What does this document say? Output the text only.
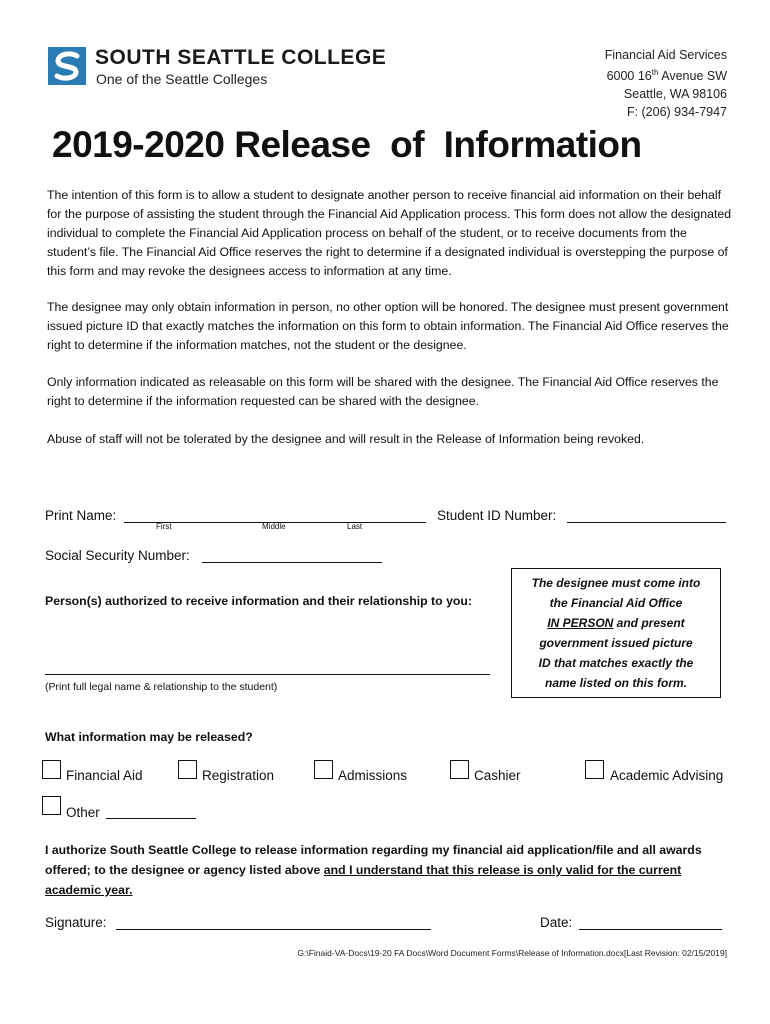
SOUTH SEATTLE COLLEGE
One of the Seattle Colleges
Financial Aid Services
6000 16th Avenue SW
Seattle, WA 98106
F: (206) 934-7947
2019-2020 Release  of  Information
The intention of this form is to allow a student to designate another person to receive financial aid information on their behalf for the purpose of assisting the student through the Financial Aid Application process. This form does not allow the designated individual to complete the Financial Aid Application process on behalf of the student, or to receive documents from the student’s file. The Financial Aid Office reserves the right to determine if a designated individual is overstepping the purpose of this form and may revoke the designees access to information at any time.
The designee may only obtain information in person, no other option will be honored. The designee must present government issued picture ID that exactly matches the information on this form to obtain information. The Financial Aid Office reserves the right to determine if the information matches, not the student or the designee.
Only information indicated as releasable on this form will be shared with the designee. The Financial Aid Office reserves the right to determine if the information requested can be shared with the designee.
Abuse of staff will not be tolerated by the designee and will result in the Release of Information being revoked.
Print Name:
First	Middle	Last
Student ID Number:
Social Security Number:
Person(s) authorized to receive information and their relationship to you:
(Print full legal name & relationship to the student)
The designee must come into
the Financial Aid Office
IN PERSON and present
government issued picture
ID that matches exactly the
name listed on this form.
What information may be released?
Financial Aid	Registration	Admissions	Cashier	Academic Advising
Other
I authorize South Seattle College to release information regarding my financial aid application/file and all awards offered; to the designee or agency listed above and I understand that this release is only valid for the current academic year.
Signature:	Date:
G:\Finaid-VA-Docs\19-20 FA Docs\Word Document Forms\Release of Information.docx[Last Revision: 02/15/2019]
